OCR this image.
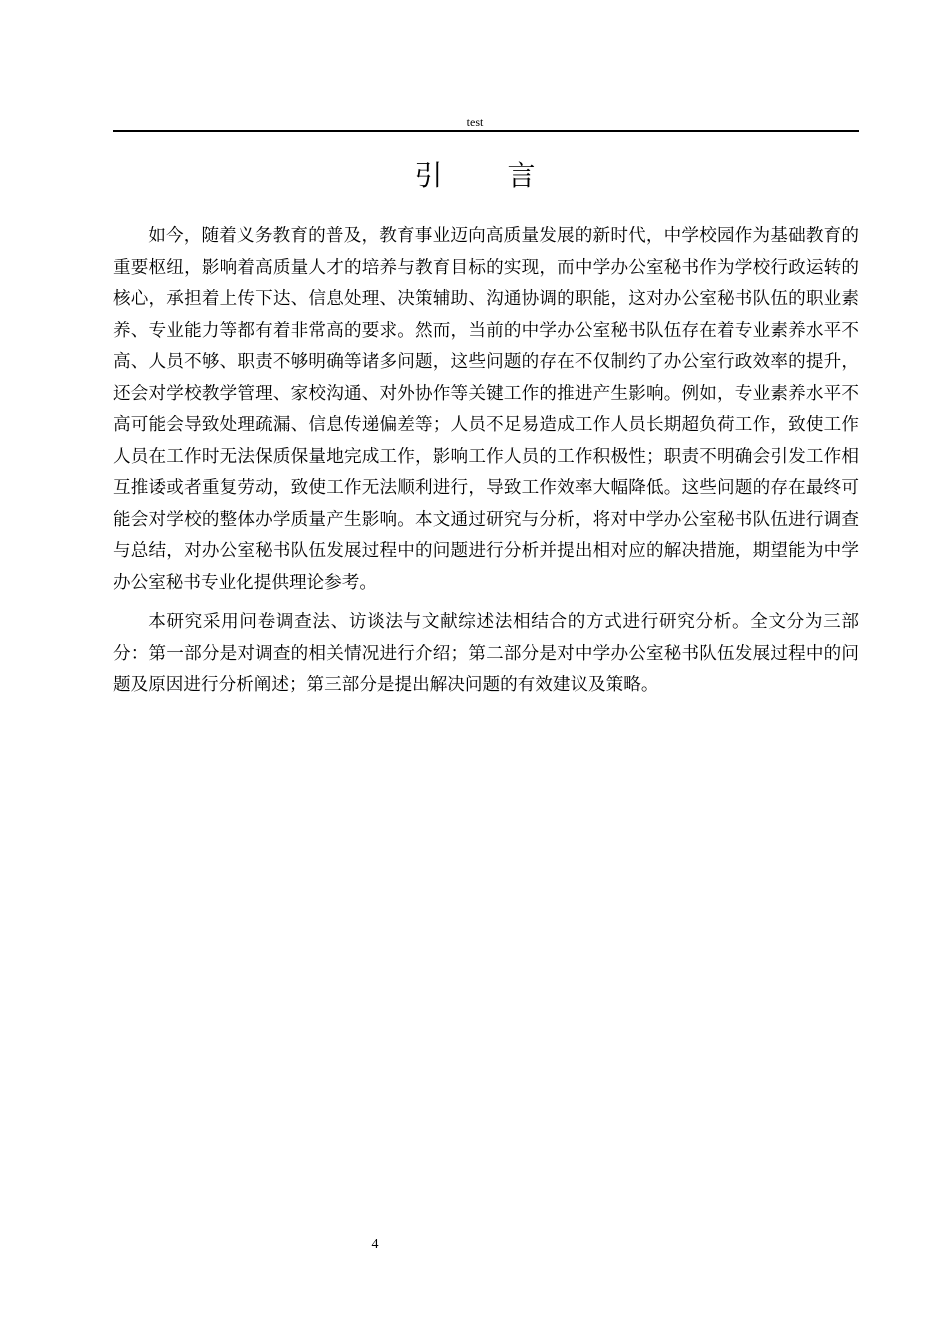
test
引 言

如今，随着义务教育的普及，教育事业迈向高质量发展的新时代，中学校园作为基础教育的重要枢纽，影响着高质量人才的培养与教育目标的实现，而中学办公室秘书作为学校行政运转的核心，承担着上传下达、信息处理、决策辅助、沟通协调的职能，这对办公室秘书队伍的职业素养、专业能力等都有着非常高的要求。然而，当前的中学办公室秘书队伍存在着专业素养水平不高、人员不够、职责不够明确等诸多问题，这些问题的存在不仅制约了办公室行政效率的提升，还会对学校教学管理、家校沟通、对外协作等关键工作的推进产生影响。例如，专业素养水平不高可能会导致处理疏漏、信息传递偏差等；人员不足易造成工作人员长期超负荷工作，致使工作人员在工作时无法保质保量地完成工作，影响工作人员的工作积极性；职责不明确会引发工作相互推诿或者重复劳动，致使工作无法顺利进行，导致工作效率大幅降低。这些问题的存在最终可能会对学校的整体办学质量产生影响。本文通过研究与分析，将对中学办公室秘书队伍进行调查与总结，对办公室秘书队伍发展过程中的问题进行分析并提出相对应的解决措施，期望能为中学办公室秘书专业化提供理论参考。

本研究采用问卷调查法、访谈法与文献综述法相结合的方式进行研究分析。全文分为三部分：第一部分是对调查的相关情况进行介绍；第二部分是对中学办公室秘书队伍发展过程中的问题及原因进行分析阐述；第三部分是提出解决问题的有效建议及策略。

4
